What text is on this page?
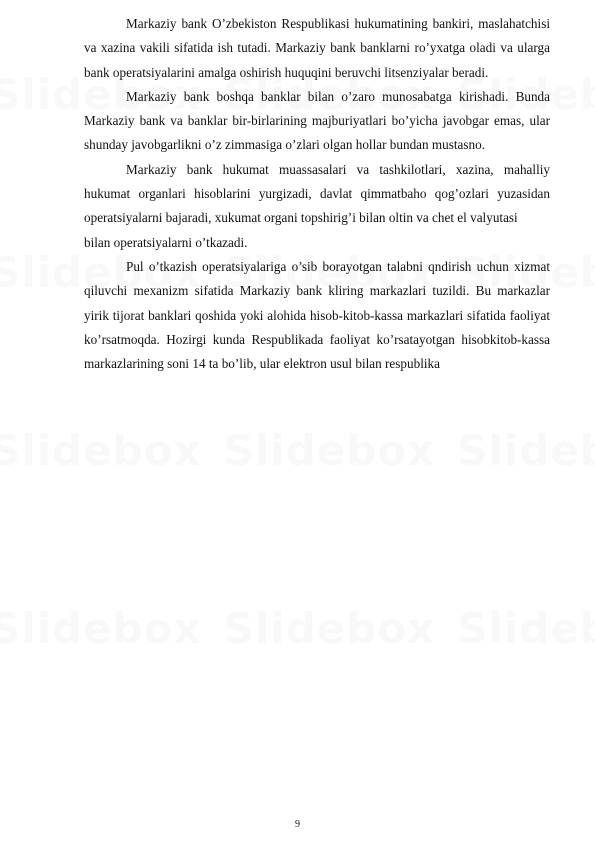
Markaziy bank O’zbekiston Respublikasi hukumatining bankiri, maslahatchisi va xazina vakili sifatida ish tutadi. Markaziy bank banklarni ro’yxatga oladi va ularga bank operatsiyalarini amalga oshirish huquqini beruvchi litsenziyalar beradi.

Markaziy bank boshqa banklar bilan o’zaro munosabatga kirishadi. Bunda Markaziy bank va banklar bir-birlarining majburiyatlari bo’yicha javobgar emas, ular shunday javobgarlikni o’z zimmasiga o’zlari olgan hollar bundan mustasno.

Markaziy bank hukumat muassasalari va tashkilotlari, xazina, mahalliy hukumat organlari hisoblarini yurgizadi, davlat qimmatbaho qog’ozlari yuzasidan operatsiyalarni bajaradi, xukumat organi topshirig’i bilan oltin va chet el valyutasi

bilan operatsiyalarni o’tkazadi.

Pul o’tkazish operatsiyalariga o’sib borayotgan talabni qndirish uchun xizmat qiluvchi mexanizm sifatida Markaziy bank kliring markazlari tuzildi. Bu markazlar yirik tijorat banklari qoshida yoki alohida hisob-kitob-kassa markazlari sifatida faoliyat ko’rsatmoqda. Hozirgi kunda Respublikada faoliyat ko’rsatayotgan hisobkitob-kassa markazlarining soni 14 ta bo’lib, ular elektron usul bilan respublika

9
